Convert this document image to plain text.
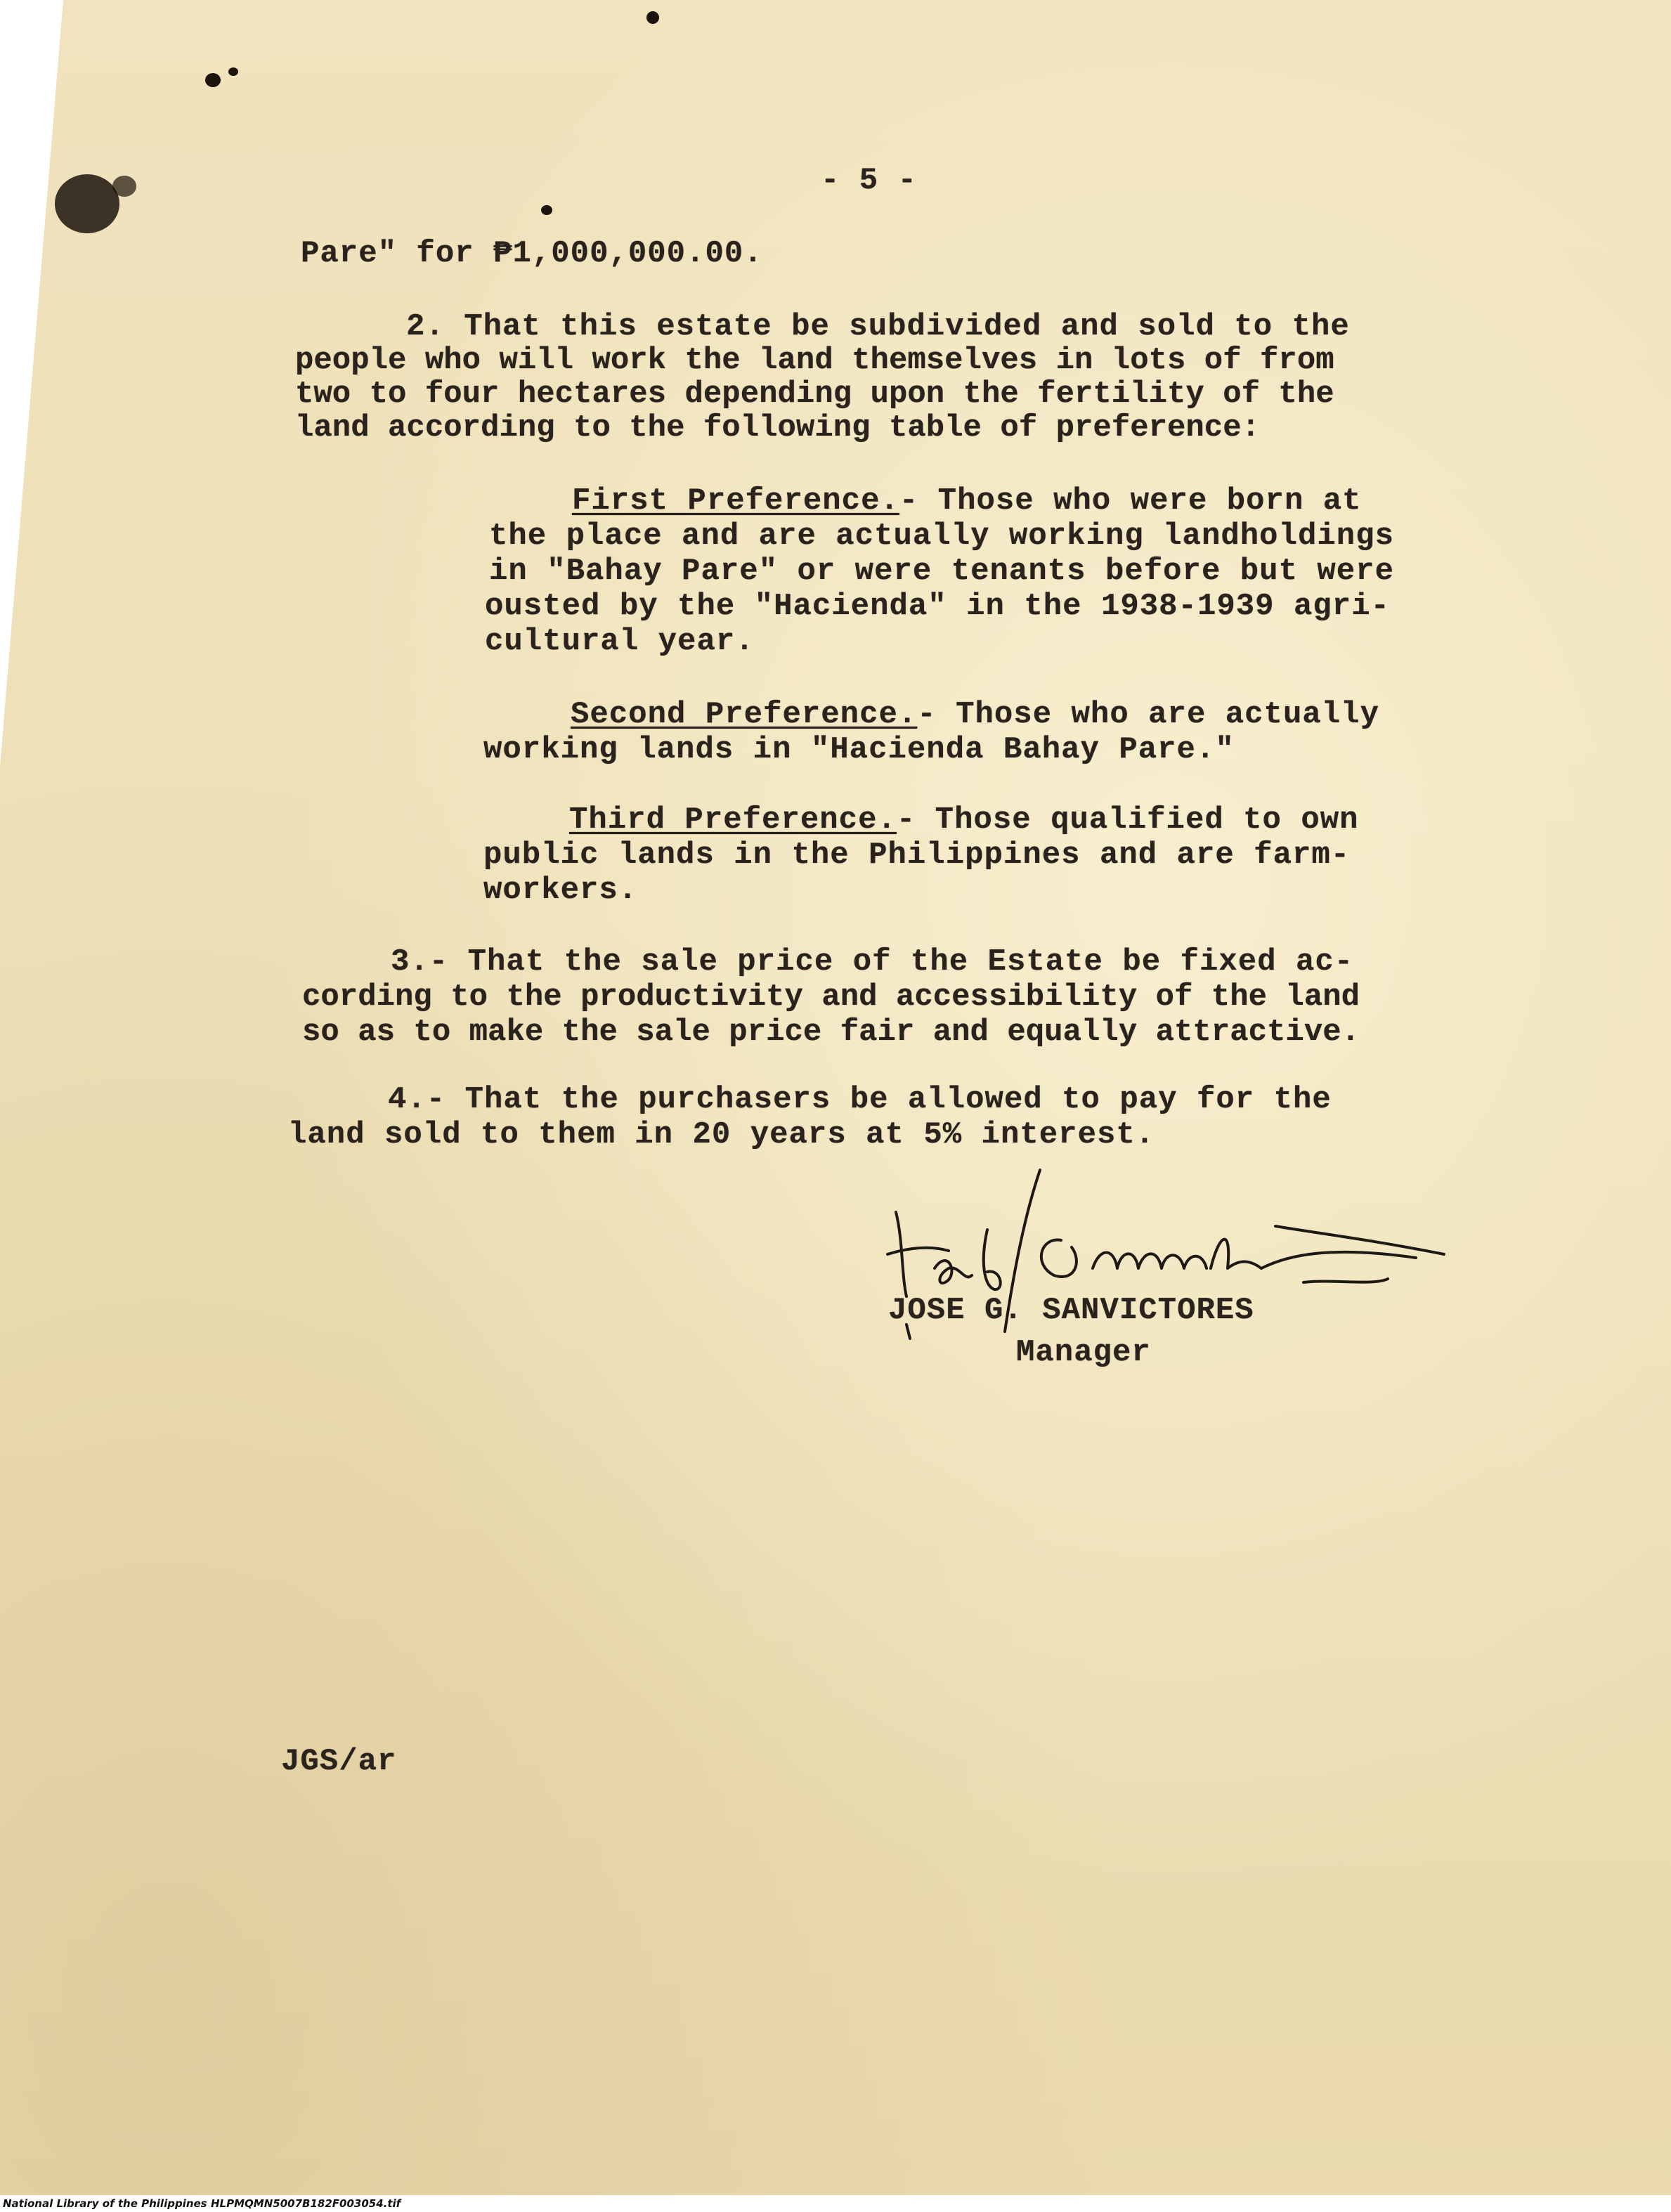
- 5 -
Pare" for ₱1,000,000.00.
2. That this estate be subdivided and sold to the
people who will work the land themselves in lots of from
two to four hectares depending upon the fertility of the
land according to the following table of preference:
First Preference.- Those who were born at
the place and are actually working landholdings
in "Bahay Pare" or were tenants before but were
ousted by the "Hacienda" in the 1938-1939 agri-
cultural year.
Second Preference.- Those who are actually
working lands in "Hacienda Bahay Pare."
Third Preference.- Those qualified to own
public lands in the Philippines and are farm-
workers.
3.- That the sale price of the Estate be fixed ac-
cording to the productivity and accessibility of the land
so as to make the sale price fair and equally attractive.
4.- That the purchasers be allowed to pay for the
land sold to them in 20 years at 5% interest.
JOSE G. SANVICTORES
Manager
JGS/ar
National Library of the Philippines HLPMQMN5007B182F003054.tif
